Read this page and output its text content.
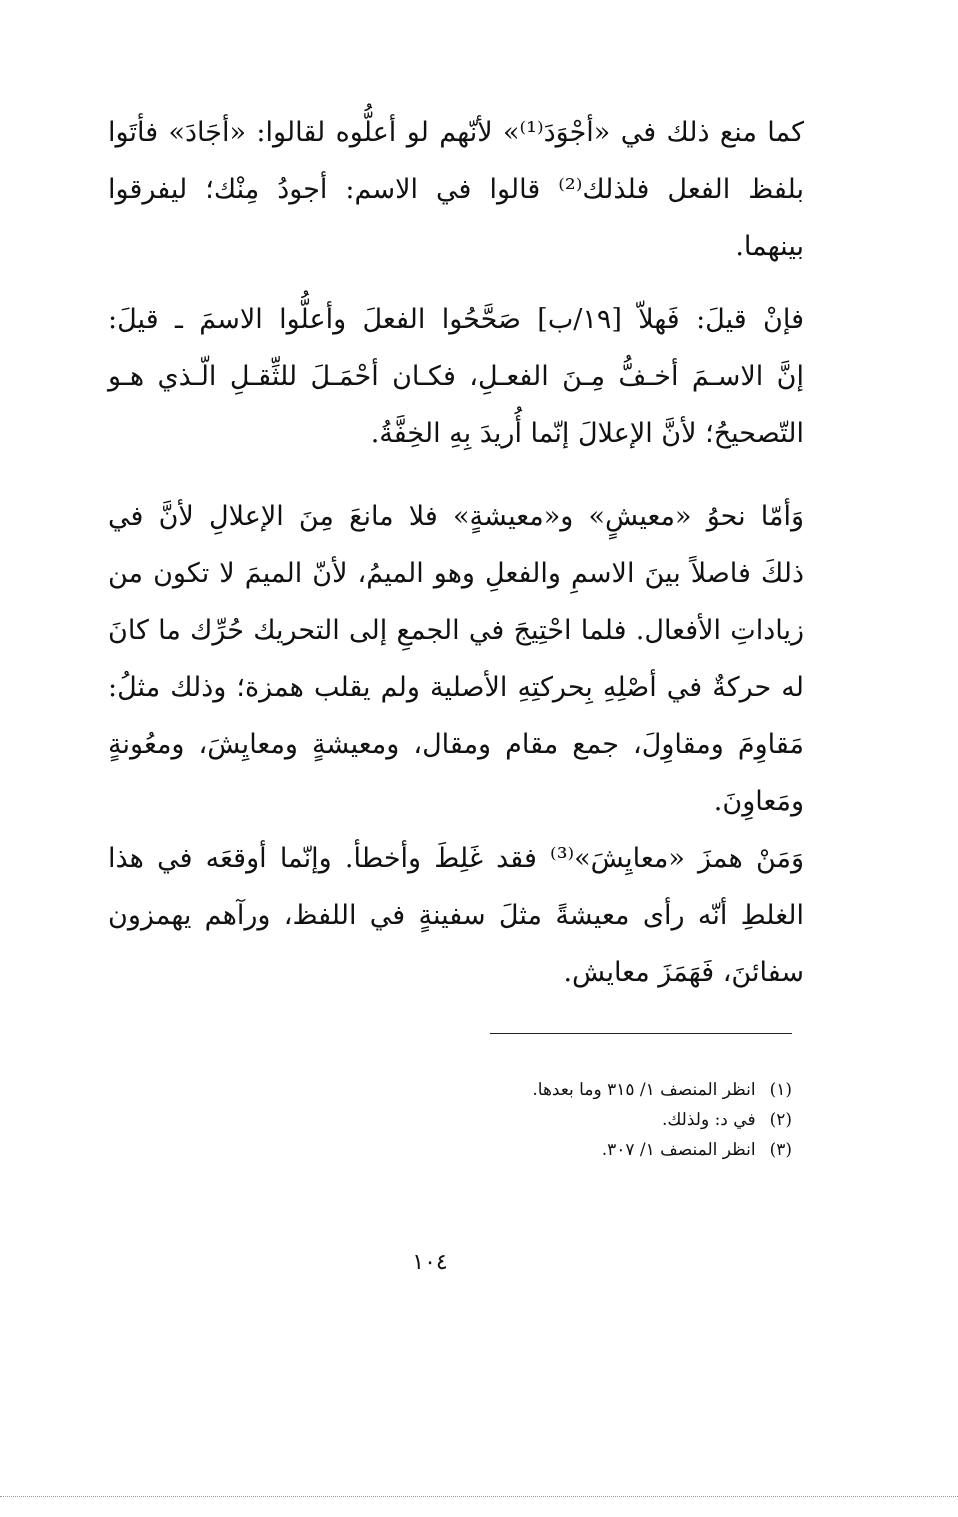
كما منع ذلك في «أجْوَدَ⁽¹⁾» لأنّهم لو أعلُّوه لقالوا: «أجَادَ» فأتَوا
بلفظ الفعل فلذلك⁽²⁾ قالوا في الاسم: أجودُ مِنْك؛ ليفرقوا
بينهما.
فإنْ قيلَ: فَهلاّ [١٩/ب] صَحَّحُوا الفعلَ وأعلُّوا الاسمَ ـ قيلَ:
إنَّ الاسـمَ أخـفُّ مِـنَ الفعـلِ، فكـان أحْمَـلَ للثِّقـلِ الّـذي هـو
التّصحيحُ؛ لأنَّ الإعلالَ إنّما أُريدَ بِهِ الخِفَّةُ.
وَأمّا نحوُ «معيشٍ» و«معيشةٍ» فلا مانعَ مِنَ الإعلالِ لأنَّ في
ذلكَ فاصلاً بينَ الاسمِ والفعلِ وهو الميمُ، لأنّ الميمَ لا تكون من
زياداتِ الأفعال. فلما احْتِيجَ في الجمعِ إلى التحريك حُرِّك ما كانَ
له حركةٌ في أصْلِهِ بِحركتِهِ الأصلية ولم يقلب همزة؛ وذلك مثلُ:
مَقاوِمَ ومقاوِلَ، جمع مقام ومقال، ومعيشةٍ ومعايِشَ، ومعُونةٍ
ومَعاوِنَ.
وَمَنْ همزَ «معايِشَ»⁽³⁾ فقد غَلِطَ وأخطأ. وإنّما أوقعَه في هذا
الغلطِ أنّه رأى معيشةً مثلَ سفينةٍ في اللفظ، ورآهم يهمزون
سفائنَ، فَهَمَزَ معايش.
(١)انظر المنصف ١/ ٣١٥ وما بعدها.
(٢)في د: ولذلك.
(٣)انظر المنصف ١/ ٣٠٧.
١٠٤
